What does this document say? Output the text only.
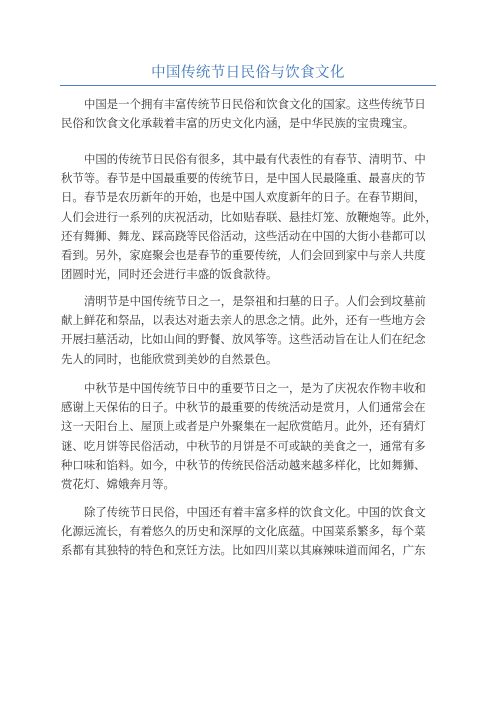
中国传统节日民俗与饮食文化

中国是一个拥有丰富传统节日民俗和饮食文化的国家。这些传统节日
民俗和饮食文化承载着丰富的历史文化内涵，是中华民族的宝贵瑰宝。

中国的传统节日民俗有很多，其中最有代表性的有春节、清明节、中
秋节等。春节是中国最重要的传统节日，是中国人民最隆重、最喜庆的节
日。春节是农历新年的开始，也是中国人欢度新年的日子。在春节期间，
人们会进行一系列的庆祝活动，比如贴春联、悬挂灯笼、放鞭炮等。此外，
还有舞狮、舞龙、踩高跷等民俗活动，这些活动在中国的大街小巷都可以
看到。另外，家庭聚会也是春节的重要传统，人们会回到家中与亲人共度
团圆时光，同时还会进行丰盛的饭食款待。

清明节是中国传统节日之一，是祭祖和扫墓的日子。人们会到坟墓前
献上鲜花和祭品，以表达对逝去亲人的思念之情。此外，还有一些地方会
开展扫墓活动，比如山间的野餐、放风筝等。这些活动旨在让人们在纪念
先人的同时，也能欣赏到美妙的自然景色。

中秋节是中国传统节日中的重要节日之一，是为了庆祝农作物丰收和
感谢上天保佑的日子。中秋节的最重要的传统活动是赏月，人们通常会在
这一天阳台上、屋顶上或者是户外聚集在一起欣赏皓月。此外，还有猜灯
谜、吃月饼等民俗活动，中秋节的月饼是不可或缺的美食之一，通常有多
种口味和馅料。如今，中秋节的传统民俗活动越来越多样化，比如舞狮、
赏花灯、嫦娥奔月等。

除了传统节日民俗，中国还有着丰富多样的饮食文化。中国的饮食文
化源远流长，有着悠久的历史和深厚的文化底蕴。中国菜系繁多，每个菜
系都有其独特的特色和烹饪方法。比如四川菜以其麻辣味道而闻名，广东
